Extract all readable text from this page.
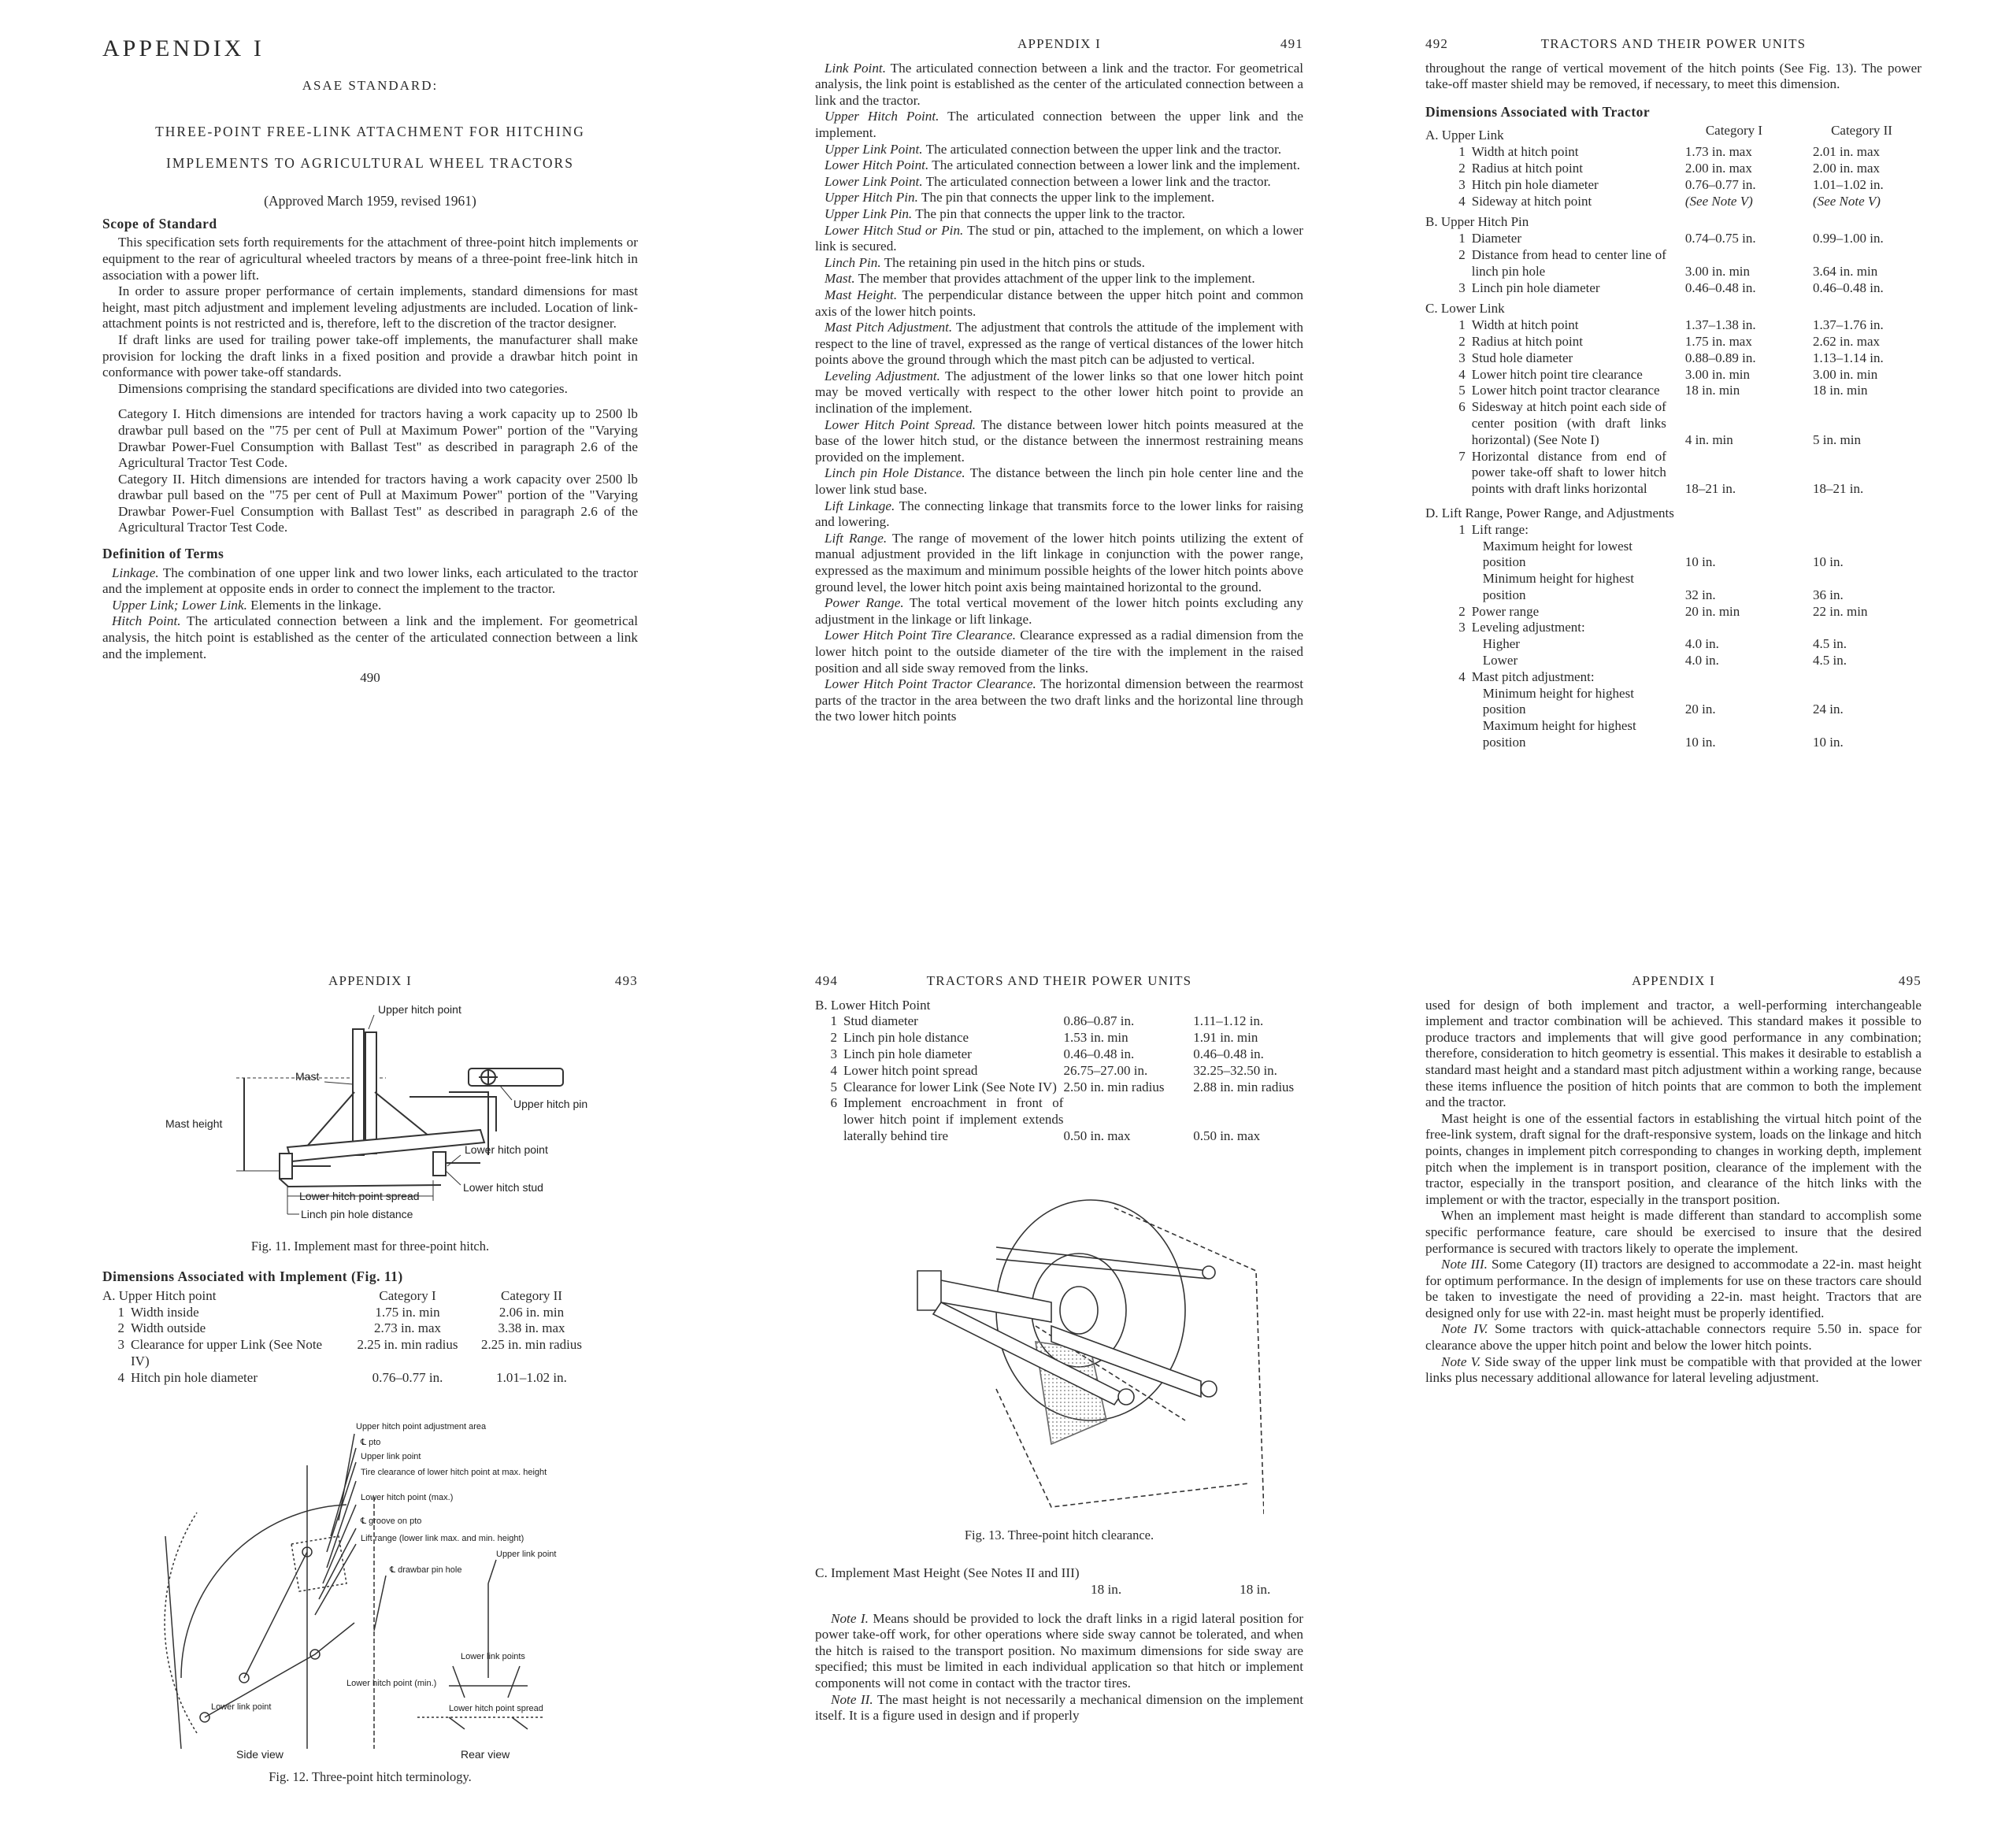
APPENDIX I
ASAE STANDARD:
THREE-POINT FREE-LINK ATTACHMENT FOR HITCHING
IMPLEMENTS TO AGRICULTURAL WHEEL TRACTORS
(Approved March 1959, revised 1961)
Scope of Standard

This specification sets forth requirements for the attachment of three-point hitch implements or equipment to the rear of agricultural wheeled tractors by means of a three-point free-link hitch in association with a power lift.

In order to assure proper performance of certain implements, standard dimensions for mast height, mast pitch adjustment and implement leveling adjustments are included. Location of link-attachment points is not restricted and is, therefore, left to the discretion of the tractor designer.

If draft links are used for trailing power take-off implements, the manufacturer shall make provision for locking the draft links in a fixed position and provide a drawbar hitch point in conformance with power take-off standards.

Dimensions comprising the standard specifications are divided into two categories.

Category I. Hitch dimensions are intended for tractors having a work capacity up to 2500 lb drawbar pull based on the "75 per cent of Pull at Maximum Power" portion of the "Varying Drawbar Power-Fuel Consumption with Ballast Test" as described in paragraph 2.6 of the Agricultural Tractor Test Code.
Category II. Hitch dimensions are intended for tractors having a work capacity over 2500 lb drawbar pull based on the "75 per cent of Pull at Maximum Power" portion of the "Varying Drawbar Power-Fuel Consumption with Ballast Test" as described in paragraph 2.6 of the Agricultural Tractor Test Code.
Definition of Terms

Linkage. The combination of one upper link and two lower links, each articulated to the tractor and the implement at opposite ends in order to connect the implement to the tractor.

Upper Link; Lower Link. Elements in the linkage.

Hitch Point. The articulated connection between a link and the implement. For geometrical analysis, the hitch point is established as the center of the articulated connection between a link and the implement.

490
APPENDIX I	491

Link Point. The articulated connection between a link and the tractor. For geometrical analysis, the link point is established as the center of the articulated connection between a link and the tractor.

Upper Hitch Point. The articulated connection between the upper link and the implement.

Upper Link Point. The articulated connection between the upper link and the tractor.

Lower Hitch Point. The articulated connection between a lower link and the implement.

Lower Link Point. The articulated connection between a lower link and the tractor.

Upper Hitch Pin. The pin that connects the upper link to the implement.

Upper Link Pin. The pin that connects the upper link to the tractor.

Lower Hitch Stud or Pin. The stud or pin, attached to the implement, on which a lower link is secured.

Linch Pin. The retaining pin used in the hitch pins or studs.

Mast. The member that provides attachment of the upper link to the implement.

Mast Height. The perpendicular distance between the upper hitch point and common axis of the lower hitch points.

Mast Pitch Adjustment. The adjustment that controls the attitude of the implement with respect to the line of travel, expressed as the range of vertical distances of the lower hitch points above the ground through which the mast pitch can be adjusted to vertical.

Leveling Adjustment. The adjustment of the lower links so that one lower hitch point may be moved vertically with respect to the other lower hitch point to provide an inclination of the implement.

Lower Hitch Point Spread. The distance between lower hitch points measured at the base of the lower hitch stud, or the distance between the innermost restraining means provided on the implement.

Linch pin Hole Distance. The distance between the linch pin hole center line and the lower link stud base.

Lift Linkage. The connecting linkage that transmits force to the lower links for raising and lowering.

Lift Range. The range of movement of the lower hitch points utilizing the extent of manual adjustment provided in the lift linkage in conjunction with the power range, expressed as the maximum and minimum possible heights of the lower hitch points above ground level, the lower hitch point axis being maintained horizontal to the ground.

Power Range. The total vertical movement of the lower hitch points excluding any adjustment in the linkage or lift linkage.

Lower Hitch Point Tire Clearance. Clearance expressed as a radial dimension from the lower hitch point to the outside diameter of the tire with the implement in the raised position and all side sway removed from the links.

Lower Hitch Point Tractor Clearance. The horizontal dimension between the rearmost parts of the tractor in the area between the two draft links and the horizontal line through the two lower hitch points

492	TRACTORS AND THEIR POWER UNITS

throughout the range of vertical movement of the hitch points (See Fig. 13). The power take-off master shield may be removed, if necessary, to meet this dimension.

Dimensions Associated with Tractor
A. Upper Link		Category I	Category II
1	Width at hitch point	1.73 in. max	2.01 in. max
2	Radius at hitch point	2.00 in. max	2.00 in. max
3	Hitch pin hole diameter	0.76–0.77 in.	1.01–1.02 in.
4	Sideway at hitch point	(See Note V)	(See Note V)
B. Upper Hitch Pin			
1	Diameter	0.74–0.75 in.	0.99–1.00 in.
2	Distance from head to center line of linch pin hole	3.00 in. min	3.64 in. min
3	Linch pin hole diameter	0.46–0.48 in.	0.46–0.48 in.
C. Lower Link			
1	Width at hitch point	1.37–1.38 in.	1.37–1.76 in.
2	Radius at hitch point	1.75 in. max	2.62 in. max
3	Stud hole diameter	0.88–0.89 in.	1.13–1.14 in.
4	Lower hitch point tire clearance	3.00 in. min	3.00 in. min
5	Lower hitch point tractor clearance	18 in. min	18 in. min
6	Sidesway at hitch point each side of center position (with draft links horizontal) (See Note I)	4 in. min	5 in. min
7	Horizontal distance from end of power take-off shaft to lower hitch points with draft links horizontal	18–21 in.	18–21 in.
D. Lift Range, Power Range, and Adjustments			
1	Lift range:		
	Maximum height for lowest position	10 in.	10 in.
	Minimum height for highest position	32 in.	36 in.
2	Power range	20 in. min	22 in. min
3	Leveling adjustment:		
	Higher	4.0 in.	4.5 in.
	Lower	4.0 in.	4.5 in.
4	Mast pitch adjustment:		
	Minimum height for highest position	20 in.	24 in.
	Maximum height for highest position	10 in.	10 in.
APPENDIX I	493
Upper hitch point
Mast
Upper hitch pin
Mast height
Lower hitch point
Lower hitch stud
Lower hitch point spread
Linch pin hole distance
Fig. 11. Implement mast for three-point hitch.
Dimensions Associated with Implement (Fig. 11)
A. Upper Hitch point		Category I	Category II
1	Width inside	1.75 in. min	2.06 in. min
2	Width outside	2.73 in. max	3.38 in. max
3	Clearance for upper Link (See Note IV)	2.25 in. min radius	2.25 in. min radius
4	Hitch pin hole diameter	0.76–0.77 in.	1.01–1.02 in.
Upper hitch point adjustment area
℄ pto
Upper link point
Tire clearance of lower hitch point at max. height
Lower hitch point (max.)
℄ groove on pto
Lift range (lower link max. and min. height)
℄ drawbar pin hole
Upper link point
Lower link points
Lower hitch point (min.)
Lower hitch point spread
Lower link point
Side view	Rear view
Fig. 12. Three-point hitch terminology.
494	TRACTORS AND THEIR POWER UNITS
B. Lower Hitch Point			
1	Stud diameter	0.86–0.87 in.	1.11–1.12 in.
2	Linch pin hole distance	1.53 in. min	1.91 in. min
3	Linch pin hole diameter	0.46–0.48 in.	0.46–0.48 in.
4	Lower hitch point spread	26.75–27.00 in.	32.25–32.50 in.
5	Clearance for lower Link (See Note IV)	2.50 in. min radius	2.88 in. min radius
6	Implement encroachment in front of lower hitch point if implement extends laterally behind tire	0.50 in. max	0.50 in. max
Fig. 13. Three-point hitch clearance.
C. Implement Mast Height (See Notes II and III)
18 in.	18 in.

Note I. Means should be provided to lock the draft links in a rigid lateral position for power take-off work, for other operations where side sway cannot be tolerated, and when the hitch is raised to the transport position. No maximum dimensions for side sway are specified; this must be limited in each individual application so that hitch or implement components will not come in contact with the tractor tires.

Note II. The mast height is not necessarily a mechanical dimension on the implement itself. It is a figure used in design and if properly

APPENDIX I	495

used for design of both implement and tractor, a well-performing interchangeable implement and tractor combination will be achieved. This standard makes it possible to produce tractors and implements that will give good performance in any combination; therefore, consideration to hitch geometry is essential. This makes it desirable to establish a standard mast height and a standard mast pitch adjustment within a working range, because these items influence the position of hitch points that are common to both the implement and the tractor.

Mast height is one of the essential factors in establishing the virtual hitch point of the free-link system, draft signal for the draft-responsive system, loads on the linkage and hitch points, changes in implement pitch corresponding to changes in working depth, implement pitch when the implement is in transport position, clearance of the implement with the tractor, especially in the transport position, and clearance of the hitch links with the implement or with the tractor, especially in the transport position.

When an implement mast height is made different than standard to accomplish some specific performance feature, care should be exercised to insure that the desired performance is secured with tractors likely to operate the implement.

Note III. Some Category (II) tractors are designed to accommodate a 22-in. mast height for optimum performance. In the design of implements for use on these tractors care should be taken to investigate the need of providing a 22-in. mast height. Tractors that are designed only for use with 22-in. mast height must be properly identified.

Note IV. Some tractors with quick-attachable connectors require 5.50 in. space for clearance above the upper hitch point and below the lower hitch points.

Note V. Side sway of the upper link must be compatible with that provided at the lower links plus necessary additional allowance for lateral leveling adjustment.
